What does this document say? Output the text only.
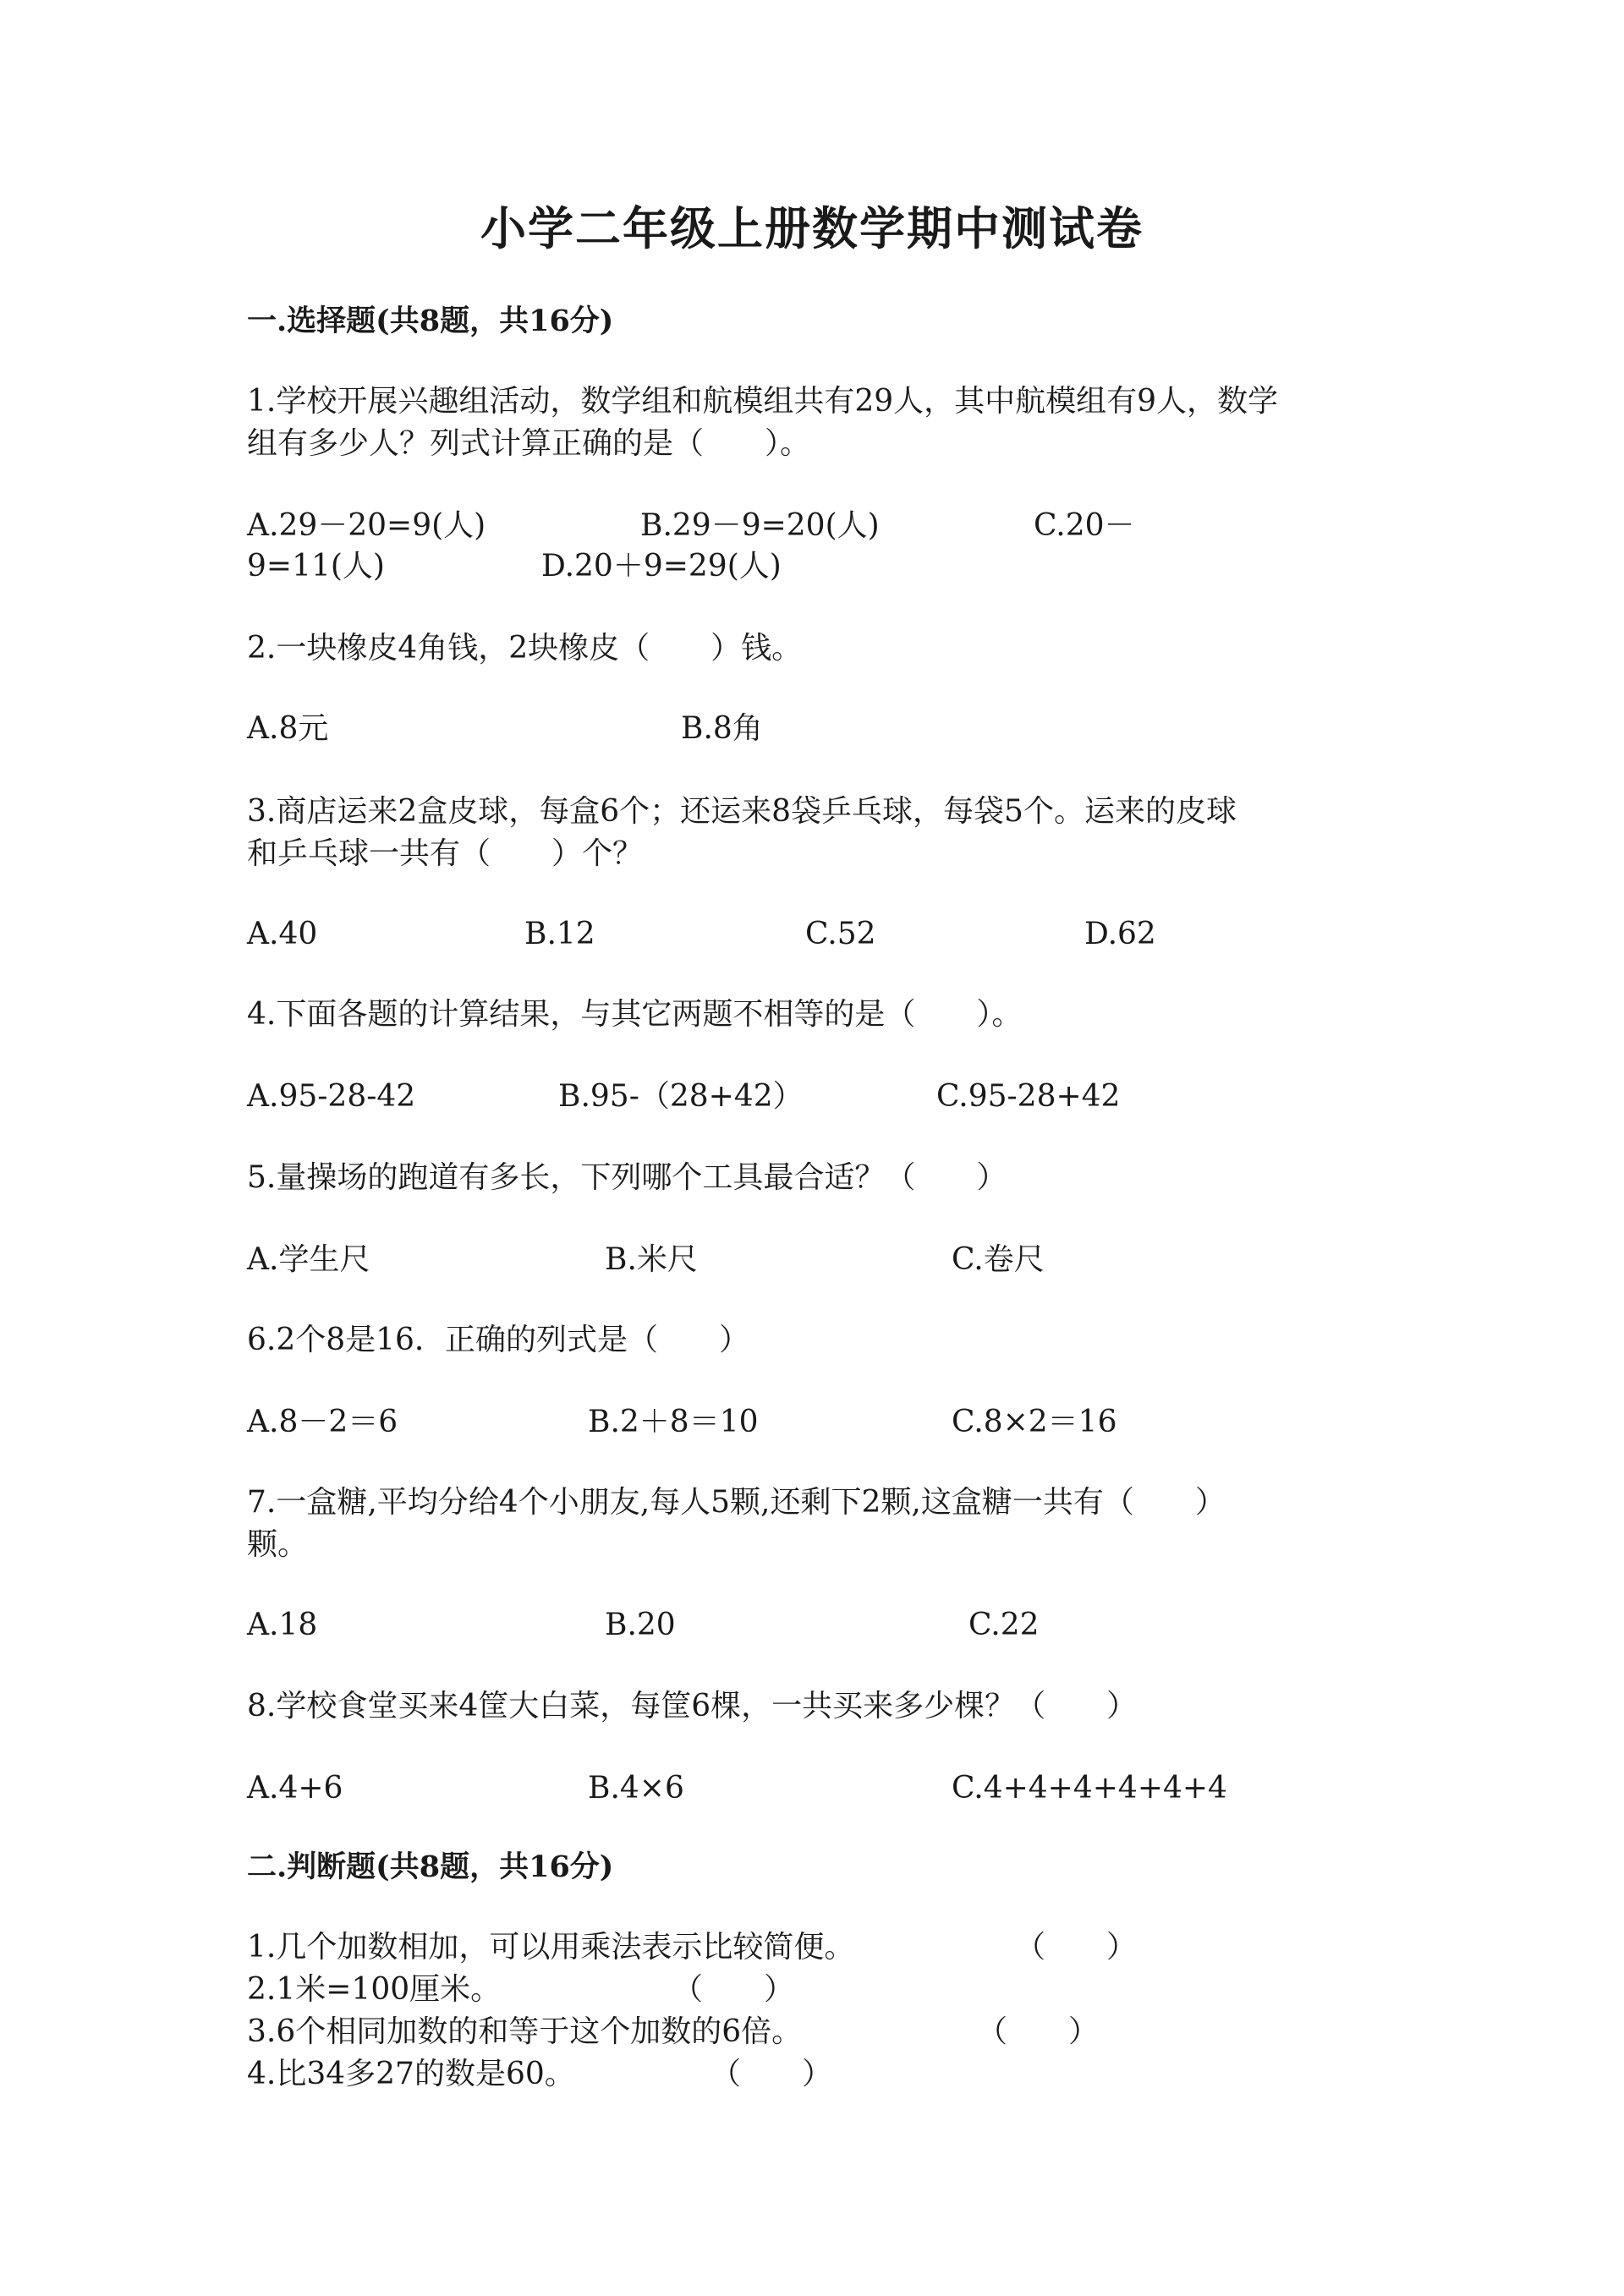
小学二年级上册数学期中测试卷
一.选择题(共8题，共16分)
1.学校开展兴趣组活动，数学组和航模组共有29人，其中航模组有9人，数学
组有多少人？列式计算正确的是（　　）。
A.29－20=9(人)	B.29－9=20(人)	C.20－
9=11(人)	D.20＋9=29(人)
2.一块橡皮4角钱，2块橡皮（　　）钱。
A.8元	B.8角
3.商店运来2盒皮球，每盒6个；还运来8袋乒乓球，每袋5个。运来的皮球
和乒乓球一共有（　　）个？
A.40	B.12	C.52	D.62
4.下面各题的计算结果，与其它两题不相等的是（　　）。
A.95-28-42	B.95-（28+42）	C.95-28+42
5.量操场的跑道有多长，下列哪个工具最合适？（　　）
A.学生尺	B.米尺	C.卷尺
6.2个8是16．正确的列式是（　　）
A.8－2＝6	B.2＋8＝10	C.8×2＝16
7.一盒糖,平均分给4个小朋友,每人5颗,还剩下2颗,这盒糖一共有（　　）
颗。
A.18	B.20	C.22
8.学校食堂买来4筐大白菜，每筐6棵，一共买来多少棵？（　　）
A.4+6	B.4×6	C.4+4+4+4+4+4
二.判断题(共8题，共16分)
1.几个加数相加，可以用乘法表示比较简便。	（　　）
2.1米=100厘米。	（　　）
3.6个相同加数的和等于这个加数的6倍。	（　　）
4.比34多27的数是60。	（　　）
